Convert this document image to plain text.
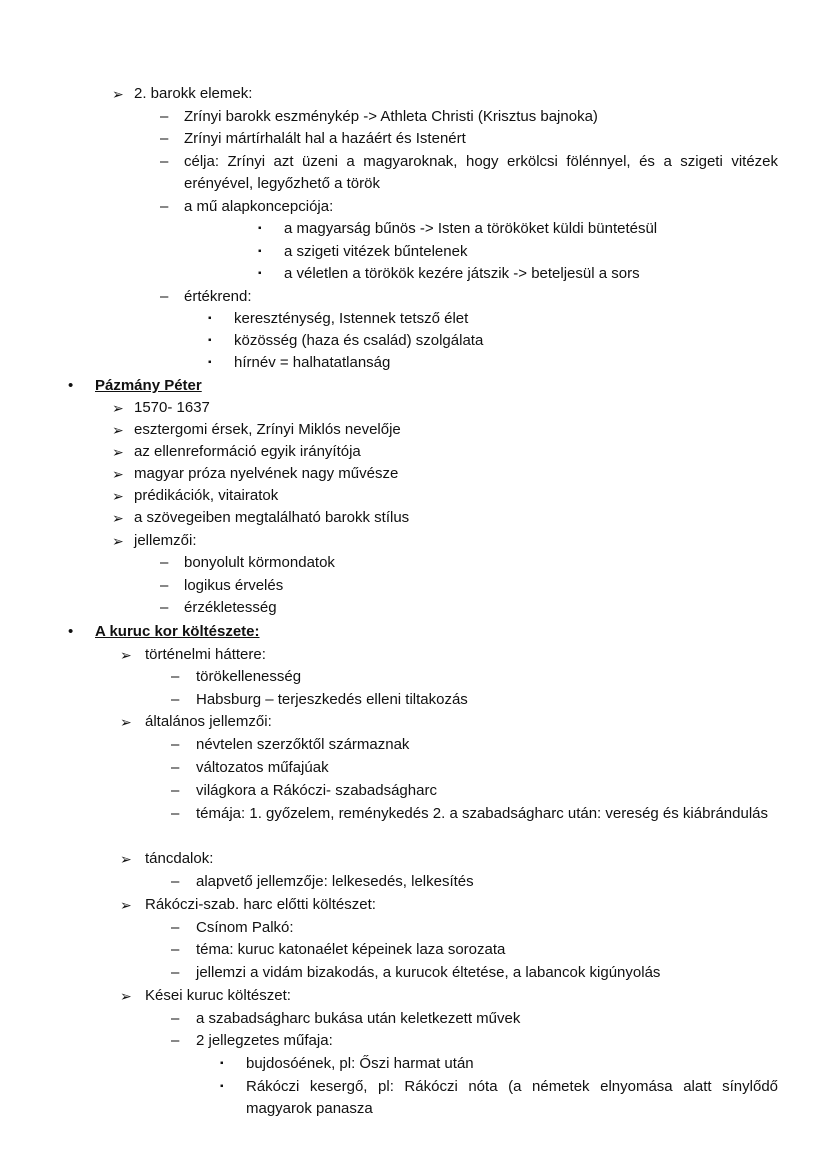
➢ 2. barokk elemek:
– Zrínyi barokk eszménykép -> Athleta Christi (Krisztus bajnoka)
– Zrínyi mártírhalált hal a hazáért és Istenért
– célja: Zrínyi azt üzeni a magyaroknak, hogy erkölcsi fölénnyel, és a szigeti vitézek erényével, legyőzhető a török
– a mű alapkoncepciója:
▪ a magyarság bűnös -> Isten a törököket küldi büntetésül
▪ a szigeti vitézek bűntelenek
▪ a véletlen a törökök kezére játszik -> beteljesül a sors
– értékrend:
▪ kereszténység, Istennek tetsző élet
▪ közösség (haza és család) szolgálata
▪ hírnév = halhatatlanság
• Pázmány Péter
➢ 1570- 1637
➢ esztergomi érsek, Zrínyi Miklós nevelője
➢ az ellenreformáció egyik irányítója
➢ magyar próza nyelvének nagy művésze
➢ prédikációk, vitairatok
➢ a szövegeiben megtalálható barokk stílus
➢ jellemzői:
– bonyolult körmondatok
– logikus érvelés
– érzékletesség
• A kuruc kor költészete:
➢ történelmi háttere:
– törökellenesség
– Habsburg – terjeszkedés elleni tiltakozás
➢ általános jellemzői:
– névtelen szerzőktől származnak
– változatos műfajúak
– világkora a Rákóczi- szabadságharc
– témája: 1. győzelem, reménykedés 2. a szabadságharc után: vereség és kiábrándulás
➢ táncdalok:
– alapvető jellemzője: lelkesedés, lelkesítés
➢ Rákóczi-szab. harc előtti költészet:
– Csínom Palkó:
– téma: kuruc katonaélet képeinek laza sorozata
– jellemzi a vidám bizakodás, a kurucok éltetése, a labancok kigúnyolás
➢ Kései kuruc költészet:
– a szabadságharc bukása után keletkezett művek
– 2 jellegzetes műfaja:
▪ bujdosóének, pl: Őszi harmat után
▪ Rákóczi kesergő, pl: Rákóczi nóta (a németek elnyomása alatt sínylődő magyarok panasza
